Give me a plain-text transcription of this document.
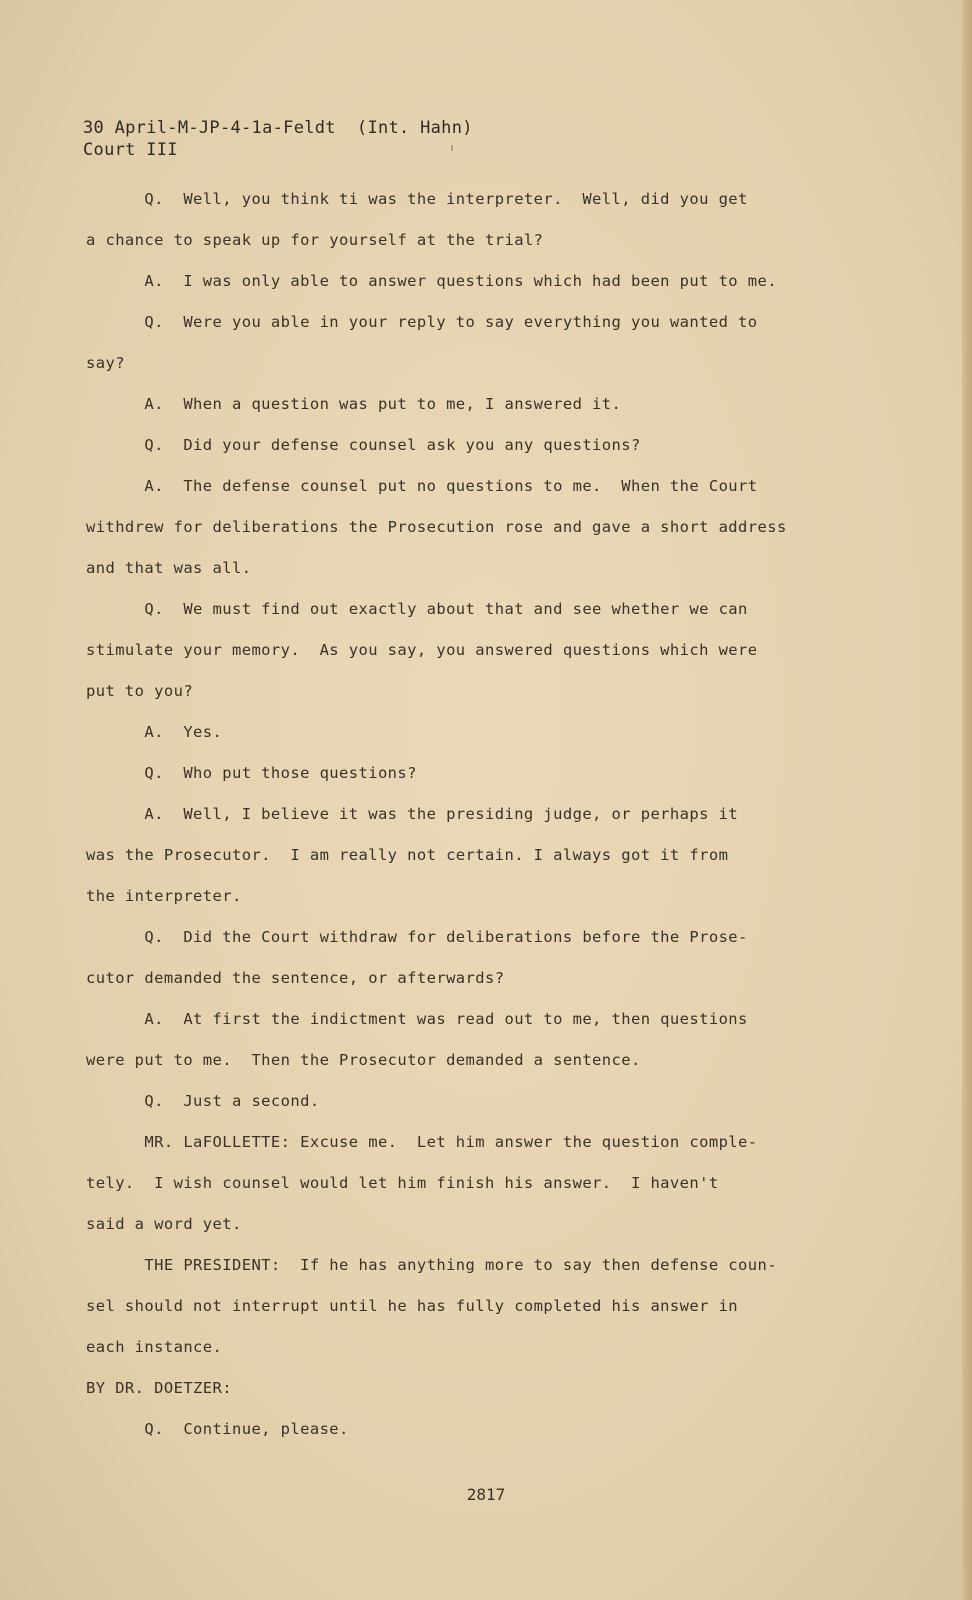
30 April-M-JP-4-1a-Feldt  (Int. Hahn)
Court III
Q.  Well, you think ti was the interpreter.  Well, did you get
a chance to speak up for yourself at the trial?
A.  I was only able to answer questions which had been put to me.
Q.  Were you able in your reply to say everything you wanted to
say?
A.  When a question was put to me, I answered it.
Q.  Did your defense counsel ask you any questions?
A.  The defense counsel put no questions to me.  When the Court
withdrew for deliberations the Prosecution rose and gave a short address
and that was all.
Q.  We must find out exactly about that and see whether we can
stimulate your memory.  As you say, you answered questions which were
put to you?
A.  Yes.
Q.  Who put those questions?
A.  Well, I believe it was the presiding judge, or perhaps it
was the Prosecutor.  I am really not certain. I always got it from
the interpreter.
Q.  Did the Court withdraw for deliberations before the Prose-
cutor demanded the sentence, or afterwards?
A.  At first the indictment was read out to me, then questions
were put to me.  Then the Prosecutor demanded a sentence.
Q.  Just a second.
MR. LaFOLLETTE: Excuse me.  Let him answer the question comple-
tely.  I wish counsel would let him finish his answer.  I haven't
said a word yet.
THE PRESIDENT:  If he has anything more to say then defense coun-
sel should not interrupt until he has fully completed his answer in
each instance.
BY DR. DOETZER:
Q.  Continue, please.
2817
